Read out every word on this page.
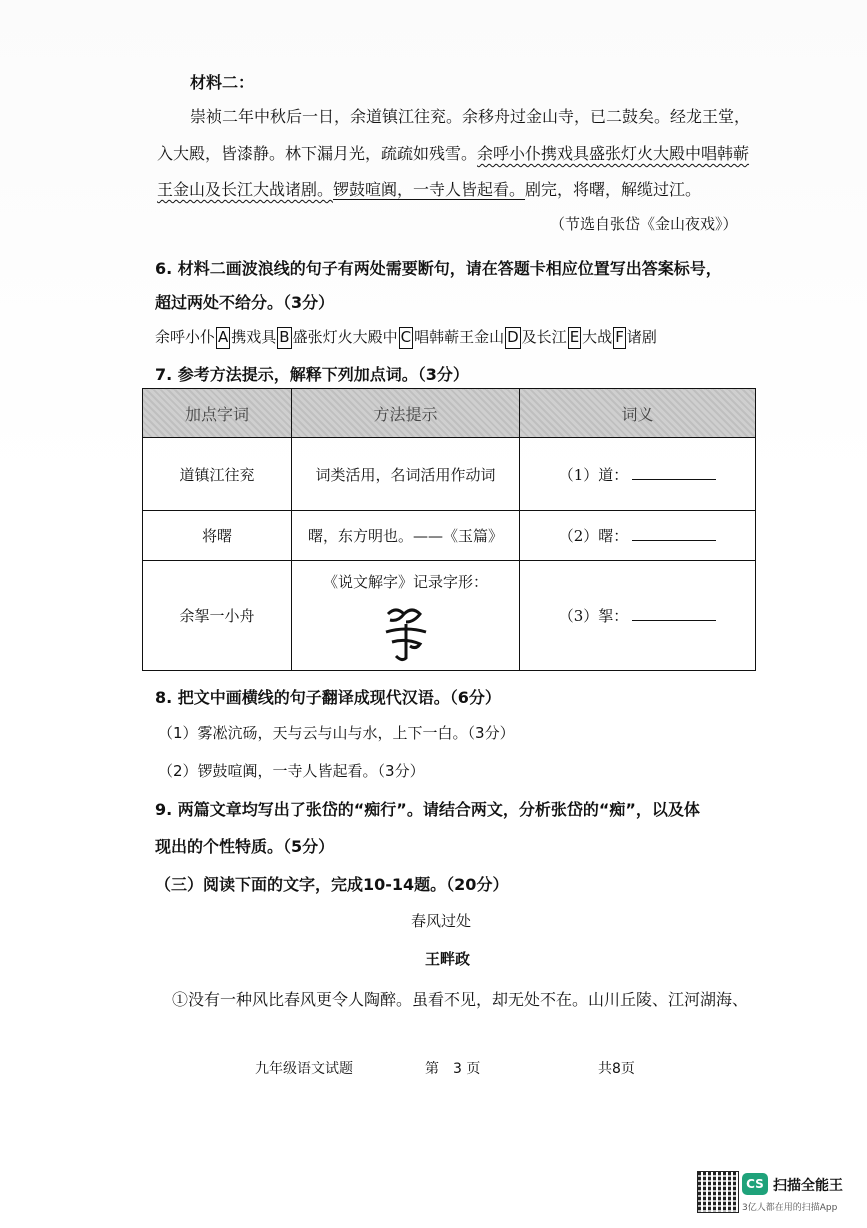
材料二：
崇祯二年中秋后一日，余道镇江往兖。余移舟过金山寺，已二鼓矣。经龙王堂，
入大殿，皆漆静。林下漏月光，疏疏如残雪。余呼小仆携戏具盛张灯火大殿中唱韩蕲
王金山及长江大战诸剧。锣鼓喧阗，一寺人皆起看。剧完，将曙，解缆过江。
（节选自张岱《金山夜戏》）
6. 材料二画波浪线的句子有两处需要断句，请在答题卡相应位置写出答案标号，
超过两处不给分。（3分）
余呼小仆 A 携戏具 B 盛张灯火大殿中 C 唱韩蕲王金山 D 及长江 E 大战 F 诸剧
7. 参考方法提示，解释下列加点词。（3分）
加点字词	方法提示	词义
道镇江往兖	词类活用，名词活用作动词	（1）道：
将曙	曙，东方明也。——《玉篇》	（2）曙：
余挐一小舟	《说文解字》记录字形：	（3）挐：
8. 把文中画横线的句子翻译成现代汉语。（6分）
（1）雾凇沆砀，天与云与山与水，上下一白。（3分）
（2）锣鼓喧阗，一寺人皆起看。（3分）
9. 两篇文章均写出了张岱的“痴行”。请结合两文，分析张岱的“痴”，以及体
现出的个性特质。（5分）
（三）阅读下面的文字，完成10-14题。（20分）
春风过处
王畔政
①没有一种风比春风更令人陶醉。虽看不见，却无处不在。山川丘陵、江河湖海、
九年级语文试题	第　3 页	共8页
CS 扫描全能王
3亿人都在用的扫描App
